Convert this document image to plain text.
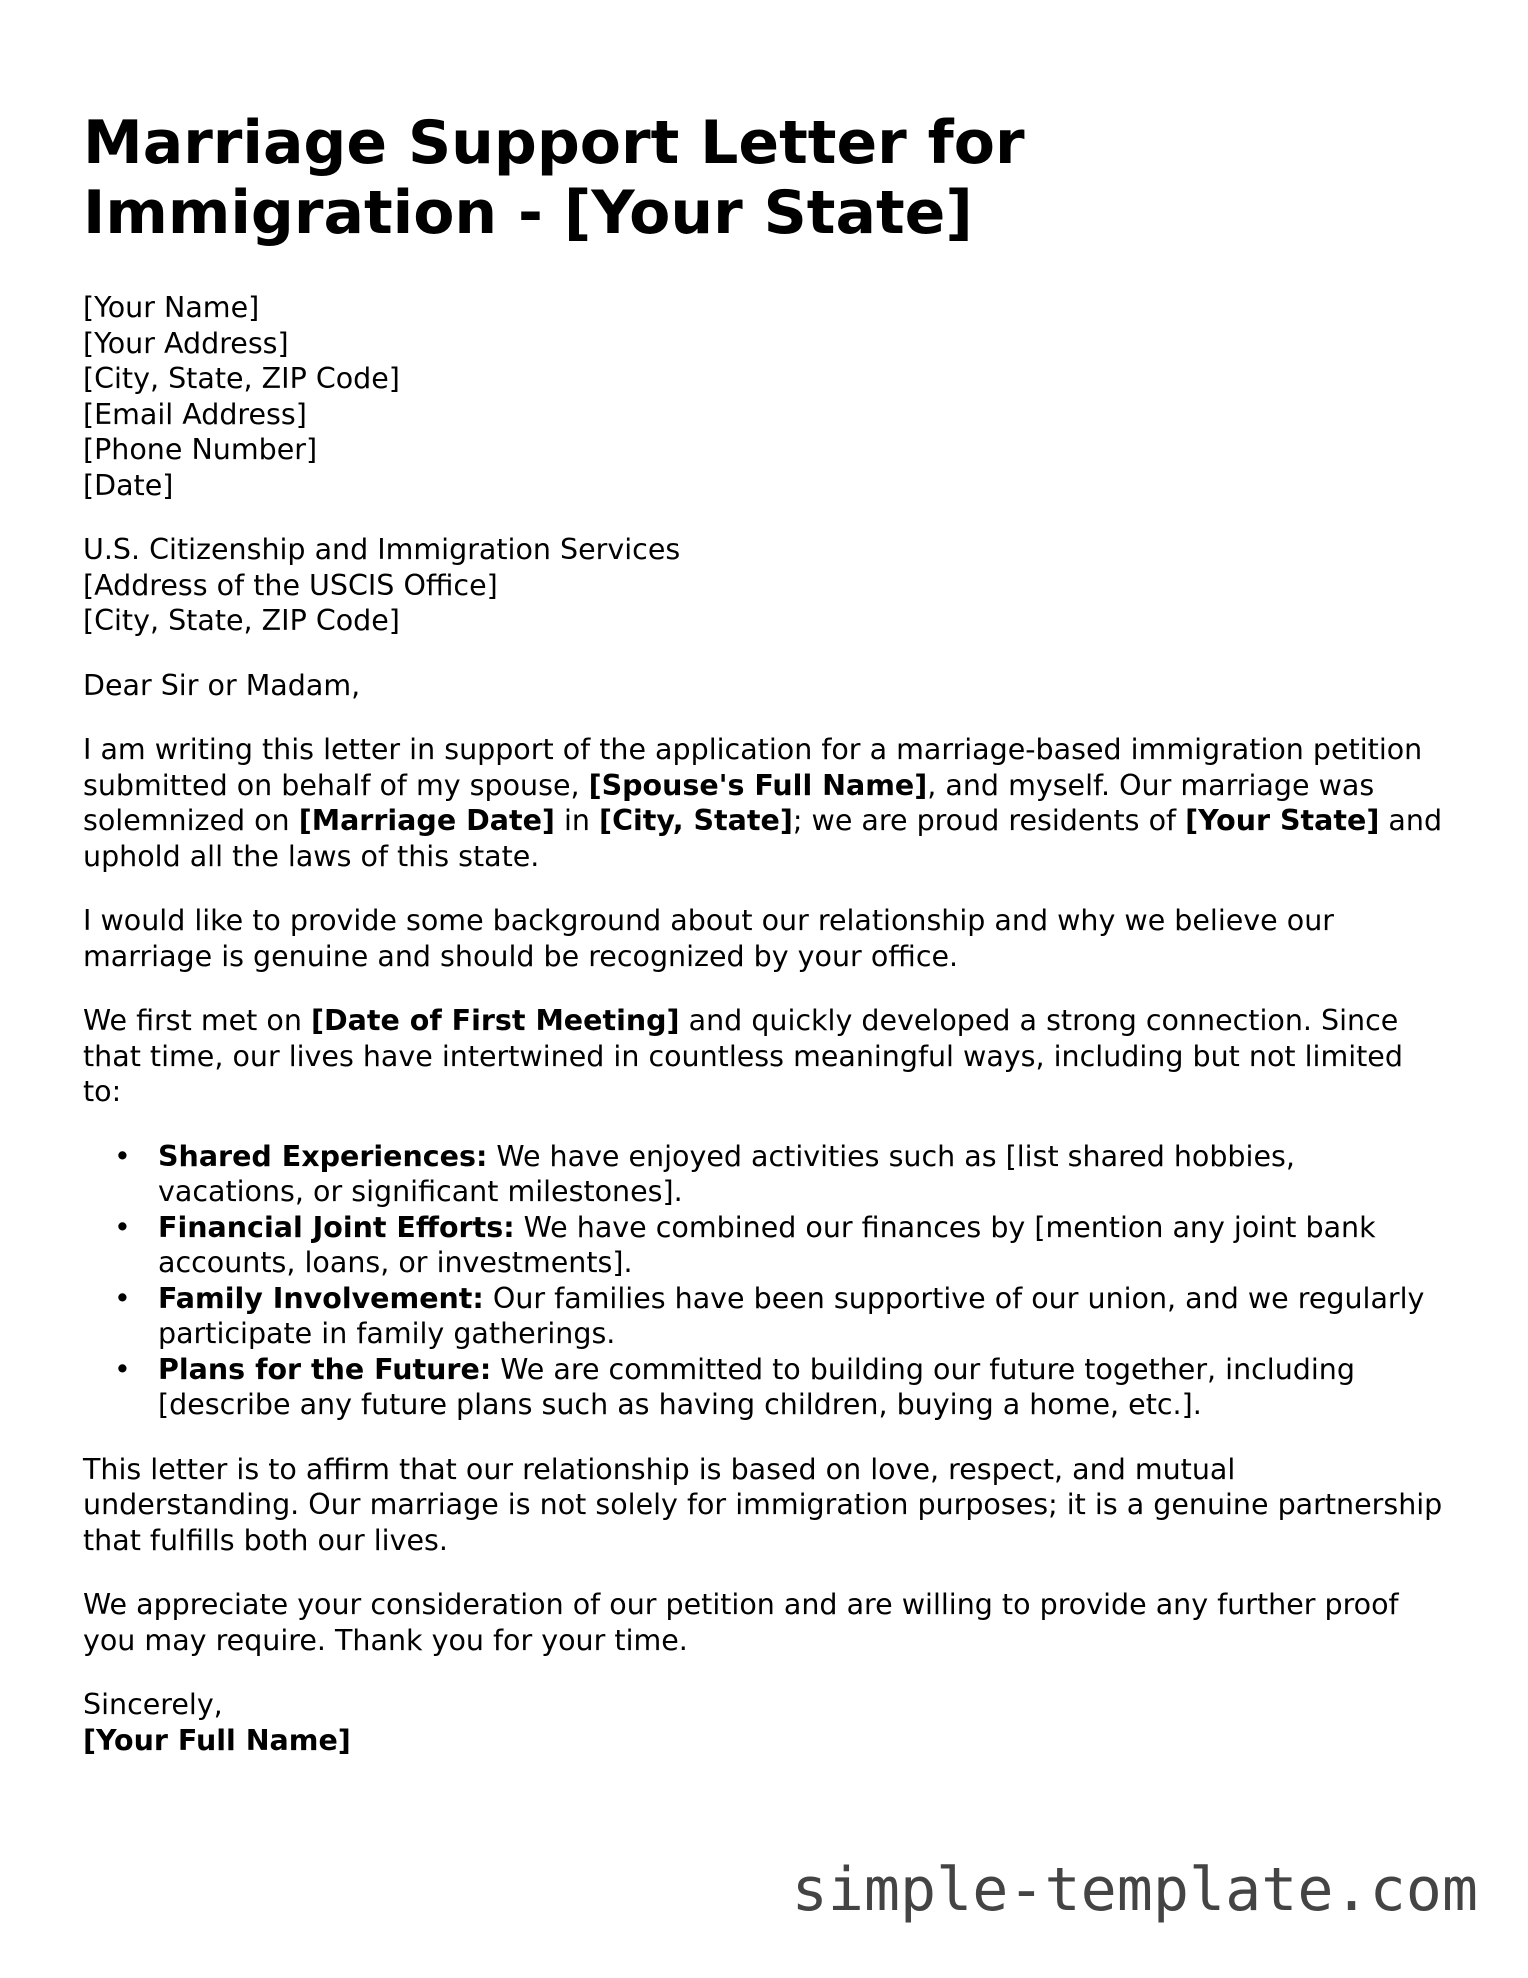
Marriage Support Letter for Immigration - [Your State]
[Your Name]
[Your Address]
[City, State, ZIP Code]
[Email Address]
[Phone Number]
[Date]
U.S. Citizenship and Immigration Services
[Address of the USCIS Office]
[City, State, ZIP Code]

Dear Sir or Madam,

I am writing this letter in support of the application for a marriage-based immigration petition submitted on behalf of my spouse, [Spouse's Full Name], and myself. Our marriage was solemnized on [Marriage Date] in [City, State]; we are proud residents of [Your State] and uphold all the laws of this state.

I would like to provide some background about our relationship and why we believe our marriage is genuine and should be recognized by your office.

We first met on [Date of First Meeting] and quickly developed a strong connection. Since that time, our lives have intertwined in countless meaningful ways, including but not limited to:

• Shared Experiences: We have enjoyed activities such as [list shared hobbies, vacations, or significant milestones].
• Financial Joint Efforts: We have combined our finances by [mention any joint bank accounts, loans, or investments].
• Family Involvement: Our families have been supportive of our union, and we regularly participate in family gatherings.
• Plans for the Future: We are committed to building our future together, including [describe any future plans such as having children, buying a home, etc.].

This letter is to affirm that our relationship is based on love, respect, and mutual understanding. Our marriage is not solely for immigration purposes; it is a genuine partnership that fulfills both our lives.

We appreciate your consideration of our petition and are willing to provide any further proof you may require. Thank you for your time.

Sincerely,
[Your Full Name]
simple-template.com
